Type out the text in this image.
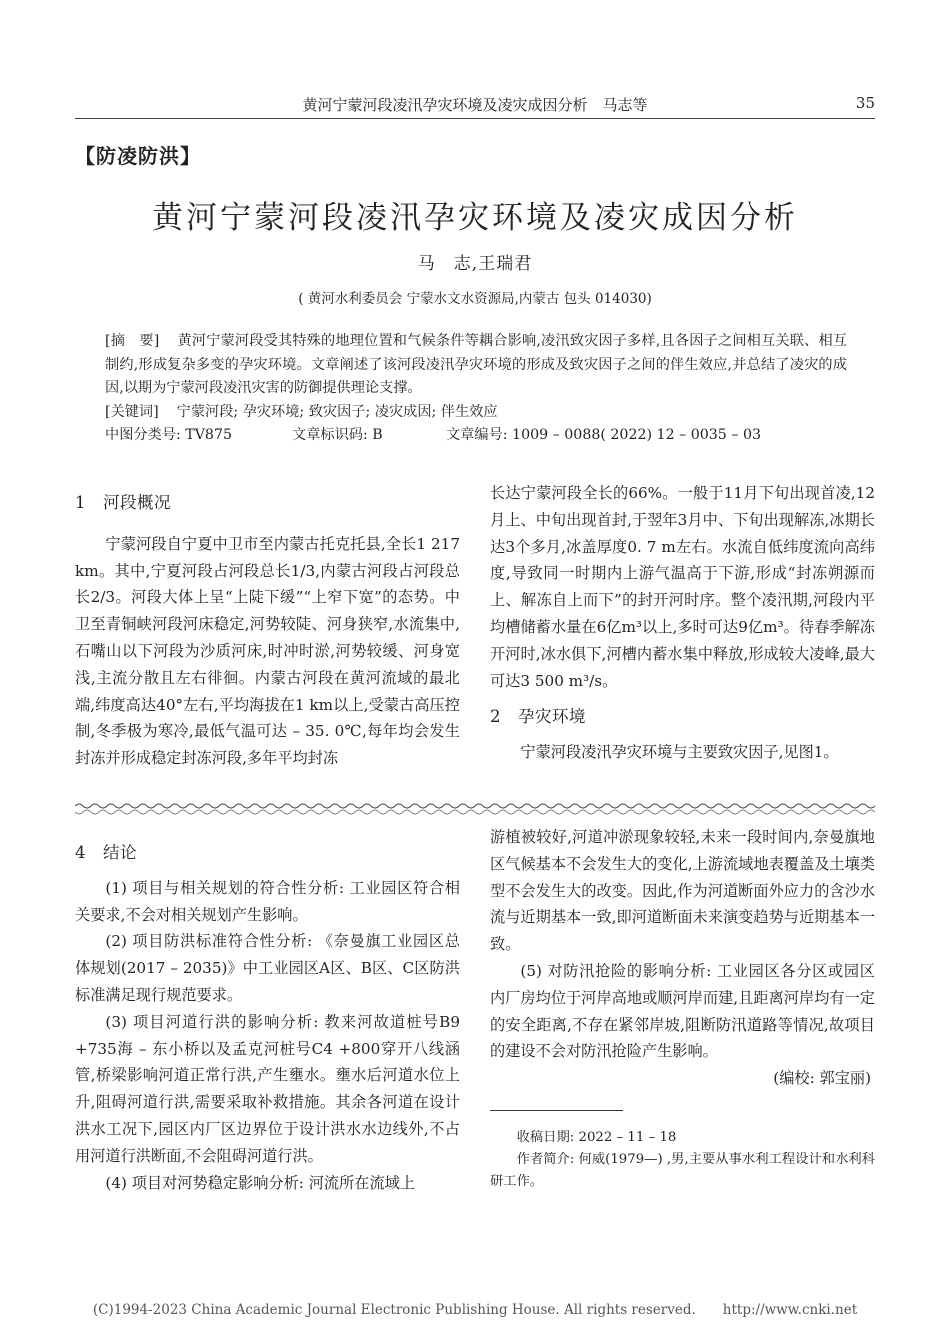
黄河宁蒙河段凌汛孕灾环境及凌灾成因分析　马志等	35
【防凌防洪】
黄河宁蒙河段凌汛孕灾环境及凌灾成因分析
马　志,王瑞君
( 黄河水利委员会 宁蒙水文水资源局,内蒙古 包头 014030)

[摘　要] 黄河宁蒙河段受其特殊的地理位置和气候条件等耦合影响,凌汛致灾因子多样,且各因子之间相互关联、相互制约,形成复杂多变的孕灾环境。文章阐述了该河段凌汛孕灾环境的形成及致灾因子之间的伴生效应,并总结了凌灾的成因,以期为宁蒙河段凌汛灾害的防御提供理论支撑。

[关键词] 宁蒙河段; 孕灾环境; 致灾因子; 凌灾成因; 伴生效应

中图分类号: TV875	文章标识码: B	文章编号: 1009 – 0088( 2022) 12 – 0035 – 03
1 河段概况

宁蒙河段自宁夏中卫市至内蒙古托克托县,全长1 217 km。其中,宁夏河段占河段总长1/3,内蒙古河段占河段总长2/3。河段大体上呈“上陡下缓”“上窄下宽”的态势。中卫至青铜峡河段河床稳定,河势较陡、河身狭窄,水流集中,石嘴山以下河段为沙质河床,时冲时淤,河势较缓、河身宽浅,主流分散且左右徘徊。内蒙古河段在黄河流域的最北端,纬度高达40°左右,平均海拔在1 km以上,受蒙古高压控制,冬季极为寒冷,最低气温可达 – 35. 0℃,每年均会发生封冻并形成稳定封冻河段,多年平均封冻

长达宁蒙河段全长的66%。一般于11月下旬出现首凌,12月上、中旬出现首封,于翌年3月中、下旬出现解冻,冰期长达3个多月,冰盖厚度0. 7 m左右。水流自低纬度流向高纬度,导致同一时期内上游气温高于下游,形成“封冻朔源而上、解冻自上而下”的封开河时序。整个凌汛期,河段内平均槽储蓄水量在6亿m³以上,多时可达9亿m³。待春季解冻开河时,冰水俱下,河槽内蓄水集中释放,形成较大凌峰,最大可达3 500 m³/s。

2 孕灾环境

宁蒙河段凌汛孕灾环境与主要致灾因子,见图1。

4 结论

(1) 项目与相关规划的符合性分析: 工业园区符合相关要求,不会对相关规划产生影响。

(2) 项目防洪标准符合性分析: 《奈曼旗工业园区总体规划(2017 – 2035)》中工业园区A区、B区、C区防洪标准满足现行规范要求。

(3) 项目河道行洪的影响分析: 教来河故道桩号B9 +735海 – 东小桥以及孟克河桩号C4 +800穿开八线涵管,桥梁影响河道正常行洪,产生壅水。壅水后河道水位上升,阻碍河道行洪,需要采取补救措施。其余各河道在设计洪水工况下,园区内厂区边界位于设计洪水水边线外,不占用河道行洪断面,不会阻碍河道行洪。

(4) 项目对河势稳定影响分析: 河流所在流域上

游植被较好,河道冲淤现象较轻,未来一段时间内,奈曼旗地区气候基本不会发生大的变化,上游流域地表覆盖及土壤类型不会发生大的改变。因此,作为河道断面外应力的含沙水流与近期基本一致,即河道断面未来演变趋势与近期基本一致。

(5) 对防汛抢险的影响分析: 工业园区各分区或园区内厂房均位于河岸高地或顺河岸而建,且距离河岸均有一定的安全距离,不存在紧邻岸坡,阻断防汛道路等情况,故项目的建设不会对防汛抢险产生影响。

(编校: 郭宝丽)

收稿日期: 2022 – 11 – 18

作者简介: 何威(1979—) ,男,主要从事水利工程设计和水利科研工作。

(C)1994-2023 China Academic Journal Electronic Publishing House. All rights reserved.　　http://www.cnki.net
